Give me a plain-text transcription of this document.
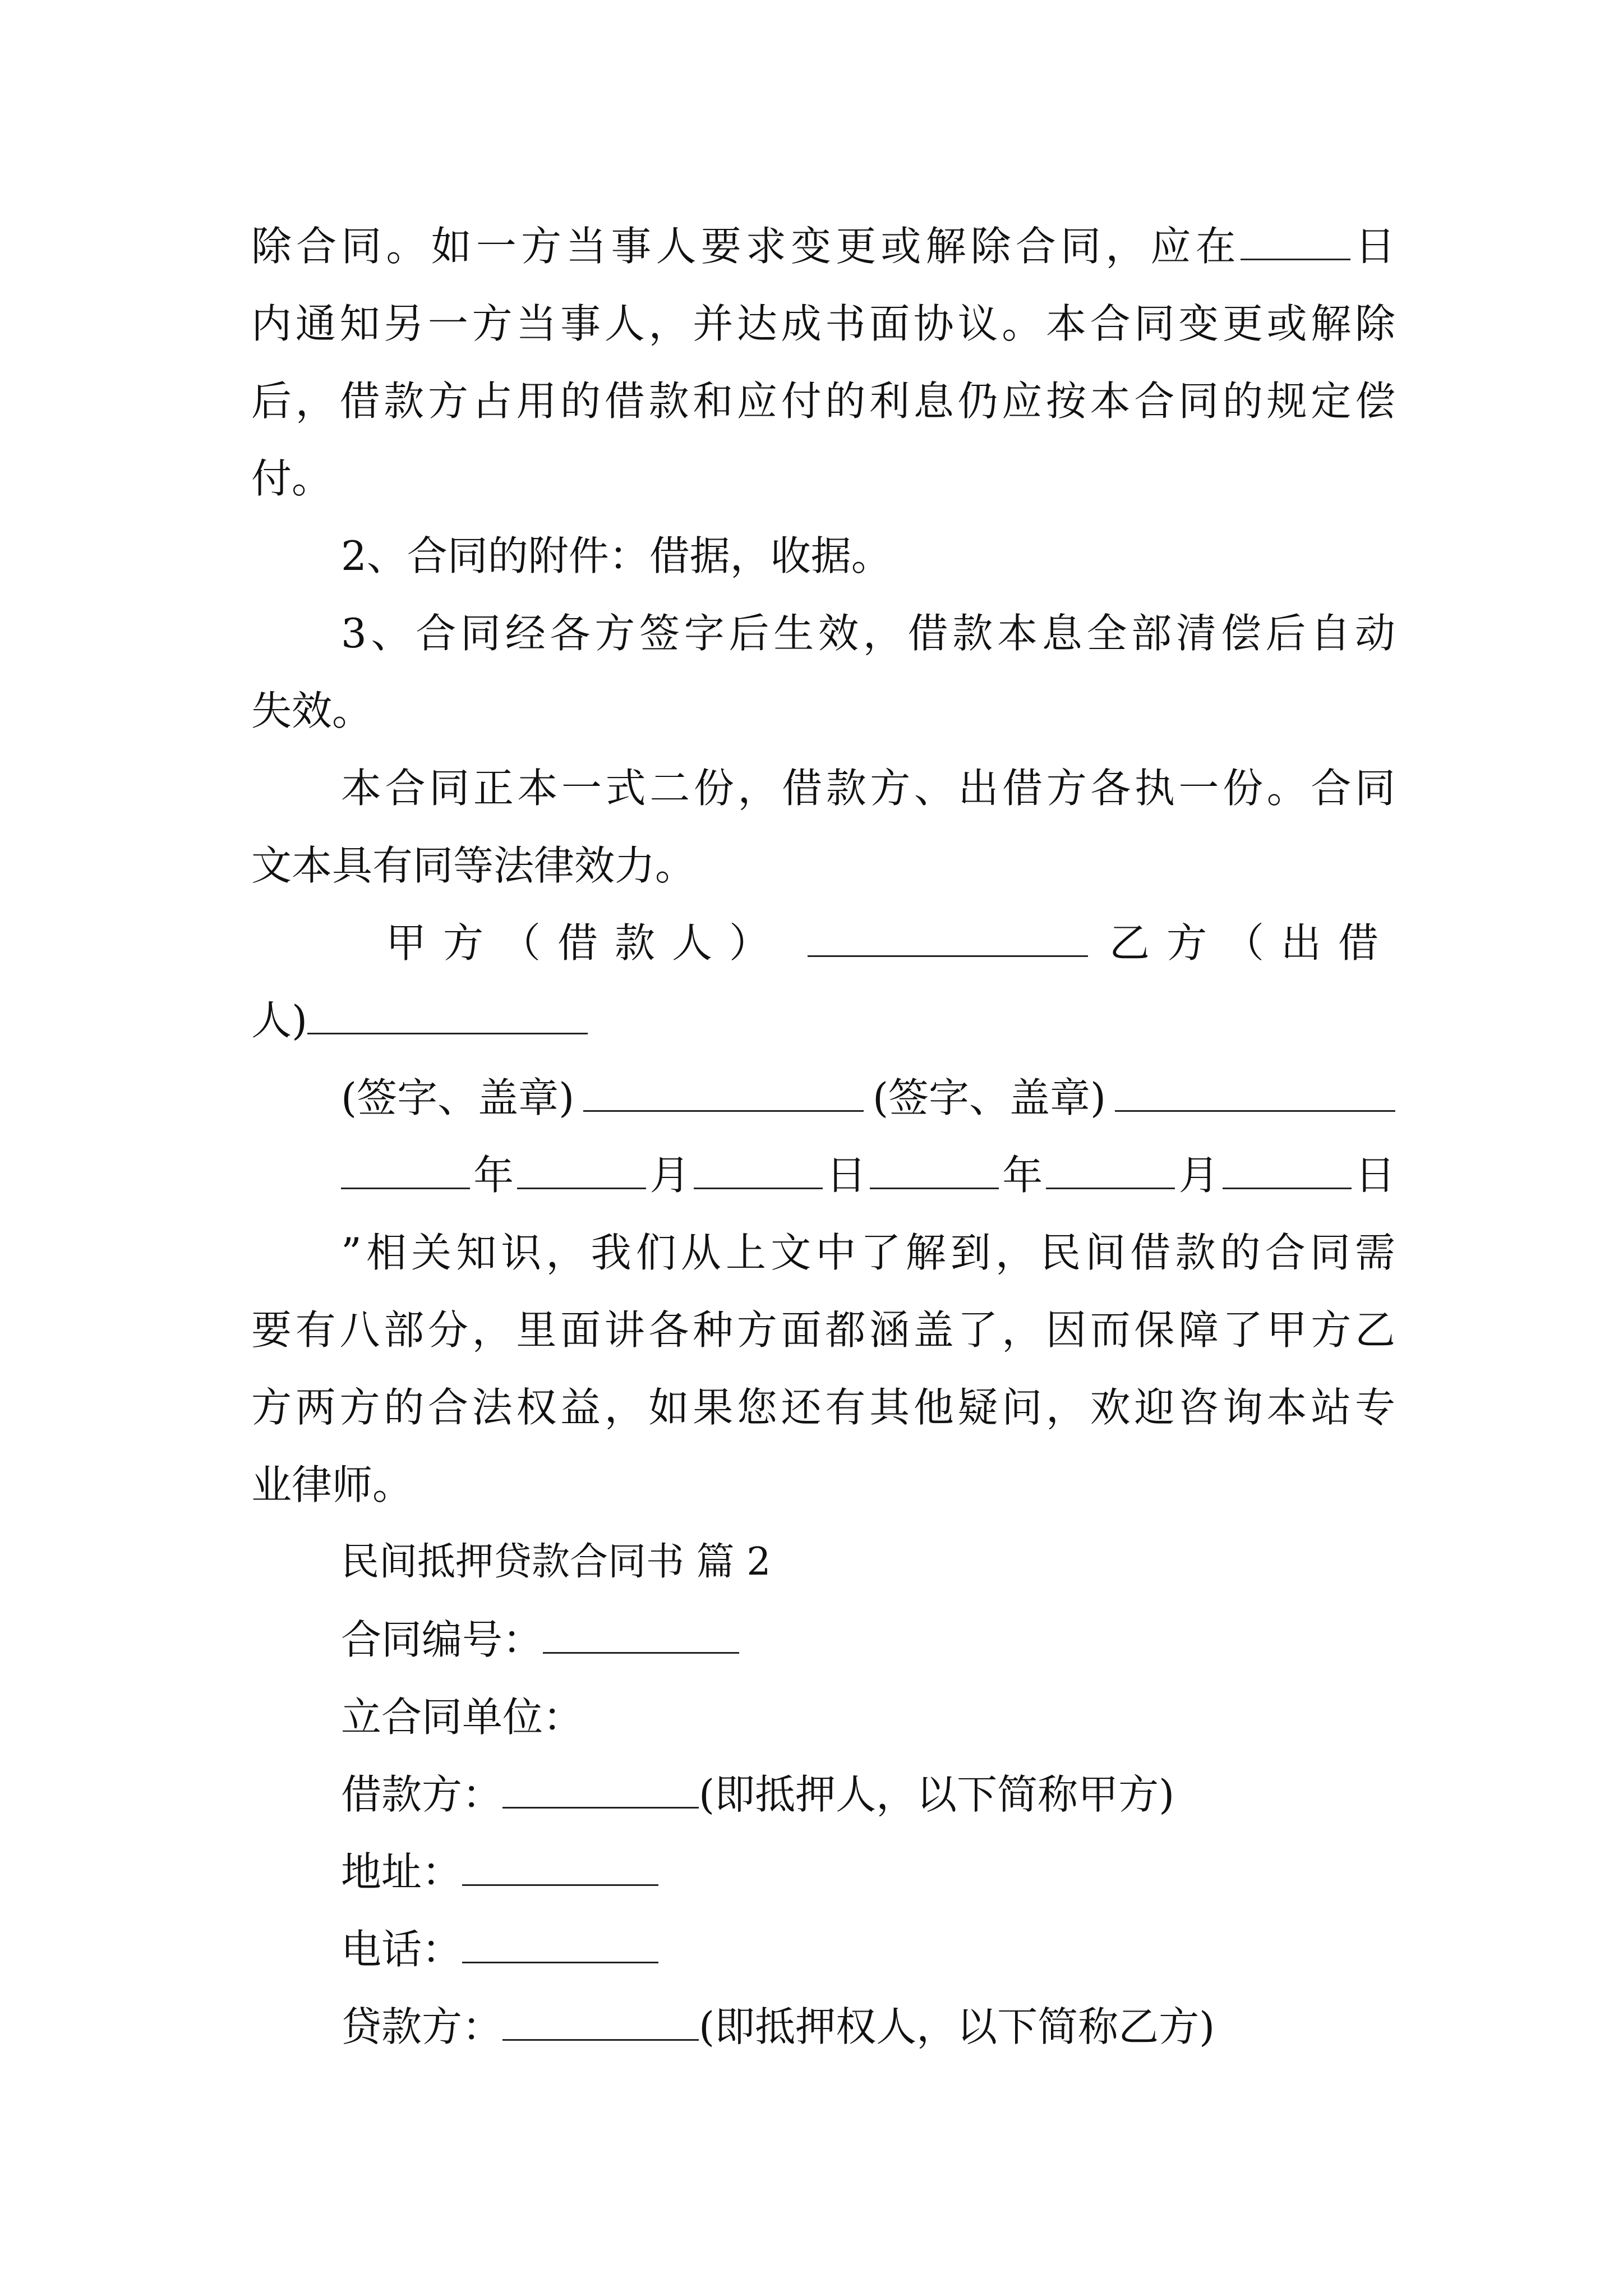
除合同。如一方当事人要求变更或解除合同，应在	日
内通知另一方当事人，并达成书面协议。本合同变更或解除
后，借款方占用的借款和应付的利息仍应按本合同的规定偿
付。
2、合同的附件：借据，收据。
3、合同经各方签字后生效，借款本息全部清偿后自动
失效。
本合同正本一式二份，借款方、出借方各执一份。合同
文本具有同等法律效力。
甲方（借款人）	乙方（出借
人)
(签字、盖章)	(签字、盖章)
年	月	日	年	月	日
”相关知识，我们从上文中了解到，民间借款的合同需
要有八部分，里面讲各种方面都涵盖了，因而保障了甲方乙
方两方的合法权益，如果您还有其他疑问，欢迎咨询本站专
业律师。
民间抵押贷款合同书 篇 2
合同编号：
立合同单位：
借款方：	(即抵押人，以下简称甲方)
地址：
电话：
贷款方：	(即抵押权人，以下简称乙方)
